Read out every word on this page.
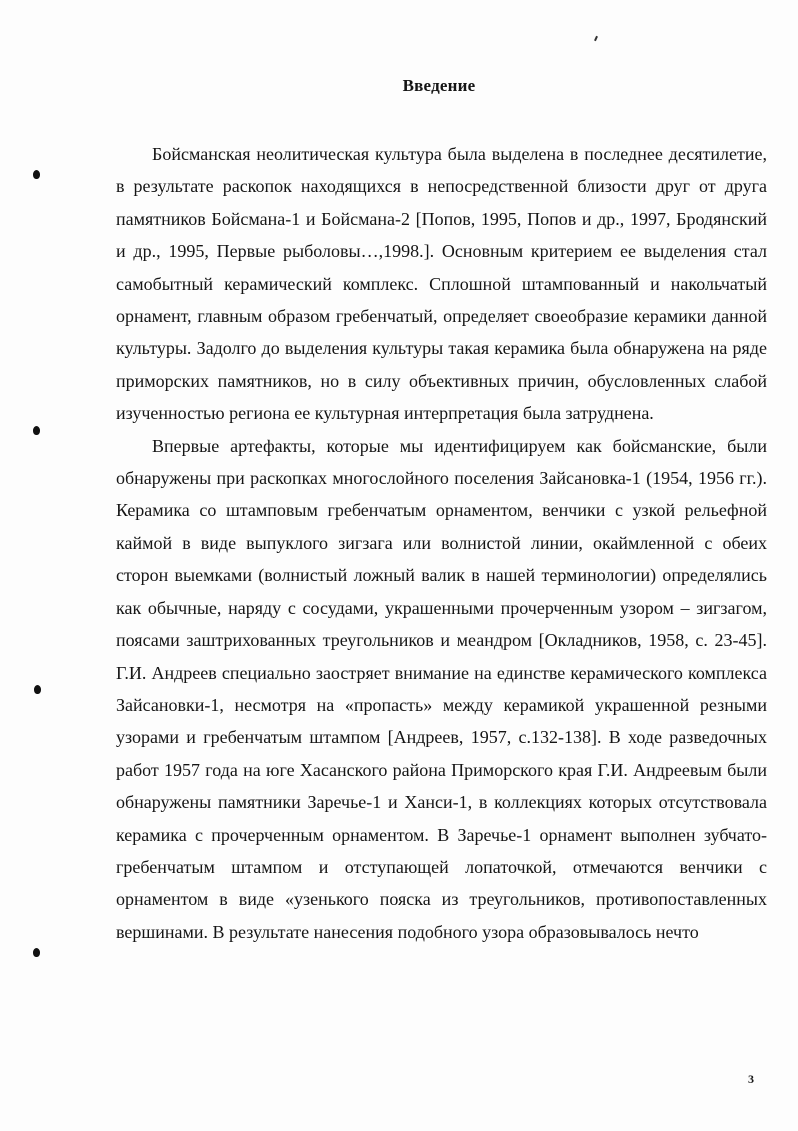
Введение

Бойсманская неолитическая культура была выделена в последнее десятилетие, в результате раскопок находящихся в непосредственной близости друг от друга памятников Бойсмана-1 и Бойсмана-2 [Попов, 1995, Попов и др., 1997, Бродянский и др., 1995, Первые рыболовы…,1998.]. Основным критерием ее выделения стал самобытный керамический комплекс. Сплошной штампованный и накольчатый орнамент, главным образом гребенчатый, определяет своеобразие керамики данной культуры. Задолго до выделения культуры такая керамика была обнаружена на ряде приморских памятников, но в силу объективных причин, обусловленных слабой изученностью региона ее культурная интерпретация была затруднена.

Впервые артефакты, которые мы идентифицируем как бойсманские, были обнаружены при раскопках многослойного поселения Зайсановка-1 (1954, 1956 гг.). Керамика со штамповым гребенчатым орнаментом, венчики с узкой рельефной каймой в виде выпуклого зигзага или волнистой линии, окаймленной с обеих сторон выемками (волнистый ложный валик в нашей терминологии) определялись как обычные, наряду с сосудами, украшенными прочерченным узором – зигзагом, поясами заштрихованных треугольников и меандром [Окладников, 1958, с. 23-45]. Г.И. Андреев специально заостряет внимание на единстве керамического комплекса Зайсановки-1, несмотря на «пропасть» между керамикой украшенной резными узорами и гребенчатым штампом [Андреев, 1957, с.132-138]. В ходе разведочных работ 1957 года на юге Хасанского района Приморского края Г.И. Андреевым были обнаружены памятники Заречье-1 и Ханси-1, в коллекциях которых отсутствовала керамика с прочерченным орнаментом. В Заречье-1 орнамент выполнен зубчато-гребенчатым штампом и отступающей лопаточкой, отмечаются венчики с орнаментом в виде «узенького пояска из треугольников, противопоставленных вершинами. В результате нанесения подобного узора образовывалось нечто

3
